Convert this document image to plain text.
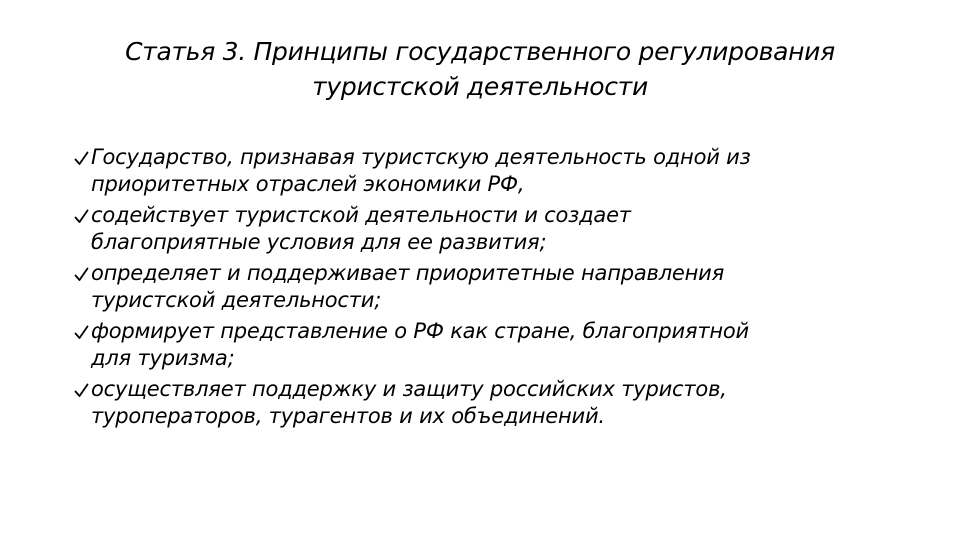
Статья 3. Принципы государственного регулирования
туристской деятельности
Государство, признавая туристскую деятельность одной из
приоритетных отраслей экономики РФ,
содействует туристской деятельности и создает
благоприятные условия для ее развития;
определяет и поддерживает приоритетные направления
туристской деятельности;
формирует представление о РФ как стране, благоприятной
для туризма;
осуществляет поддержку и защиту российских туристов,
туроператоров, турагентов и их объединений.
